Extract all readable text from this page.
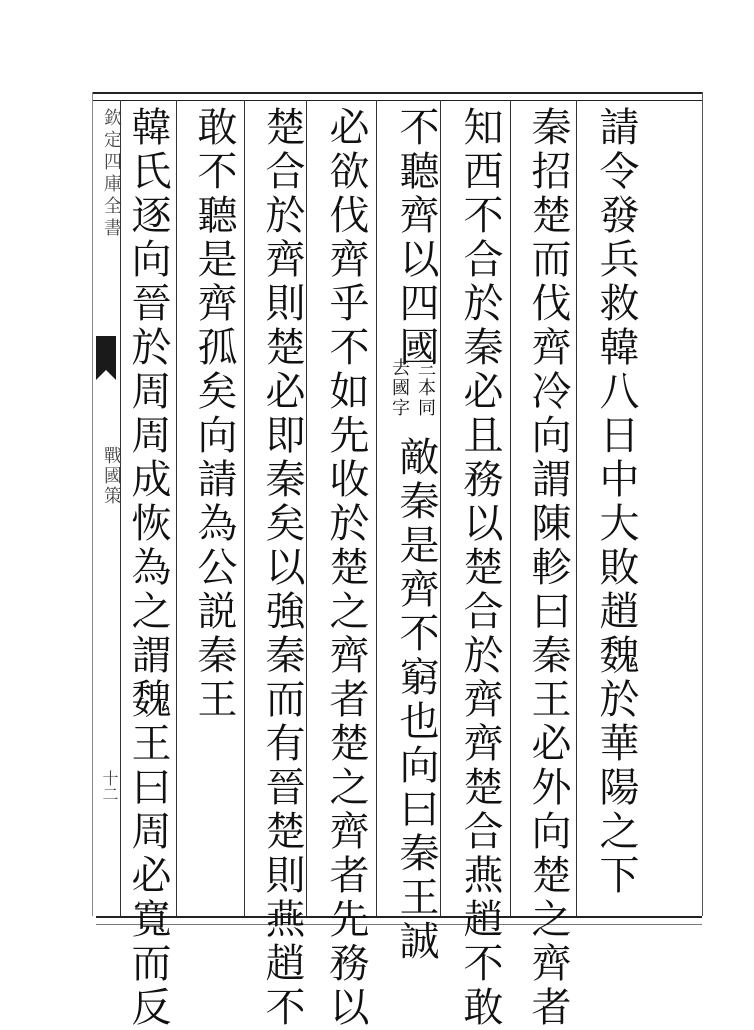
欽定四庫全書
戰國策
十二	請令發兵救韓八日中大敗趙魏於華陽之下
秦招楚而伐齊冷向謂陳軫曰秦王必外向楚之齊者
知西不合於秦必且務以楚合於齊齊楚合燕趙不敢
不聽齊以四國
三本同
去國字
敵秦是齊不窮也向曰秦王誠
必欲伐齊乎不如先收於楚之齊者楚之齊者先務以
楚合於齊則楚必即秦矣以強秦而有晉楚則燕趙不
敢不聽是齊孤矣向請為公説秦王
韓氏逐向晉於周周成恢為之謂魏王曰周必寬而反
